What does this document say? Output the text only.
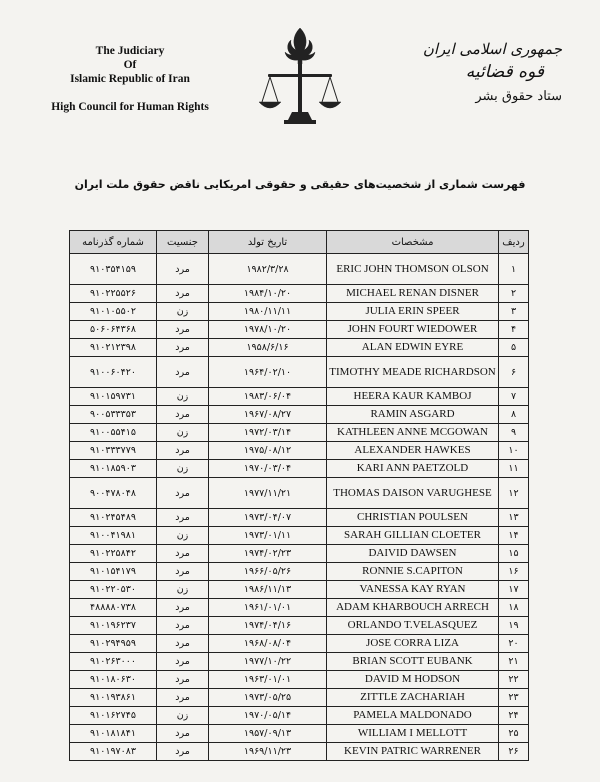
The Judiciary
Of
Islamic Republic of Iran
High Council for Human Rights
جمهوری اسلامی ایران
قوه قضائیه
ستاد حقوق بشر
فهرست شماری از شخصیت‌های حقیقی و حقوقی امریکایی ناقض حقوق ملت ایران
ردیف	مشخصات	تاریخ تولد	جنسیت	شماره گذرنامه
۱	ERIC JOHN THOMSON OLSON	۱۹۸۲/۳/۲۸	مرد	۹۱۰۳۵۴۱۵۹
۲	MICHAEL RENAN DISNER	۱۹۸۴/۱۰/۲۰	مرد	۹۱۰۲۲۵۵۲۶
۳	JULIA ERIN SPEER	۱۹۸۰/۱۱/۱۱	زن	۹۱۰۱۰۵۵۰۲
۴	JOHN FOURT WIEDOWER	۱۹۷۸/۱۰/۲۰	مرد	۵۰۶۰۶۴۳۶۸
۵	ALAN EDWIN EYRE	۱۹۵۸/۶/۱۶	مرد	۹۱۰۲۱۲۳۹۸
۶	TIMOTHY MEADE RICHARDSON	۱۹۶۴/۰۲/۱۰	مرد	۹۱۰۰۶۰۴۲۰
۷	HEERA KAUR KAMBOJ	۱۹۸۳/۰۶/۰۴	زن	۹۱۰۱۵۹۷۳۱
۸	RAMIN ASGARD	۱۹۶۷/۰۸/۲۷	مرد	۹۰۰۵۳۳۳۵۳
۹	KATHLEEN ANNE MCGOWAN	۱۹۷۲/۰۳/۱۴	زن	۹۱۰۰۵۵۴۱۵
۱۰	ALEXANDER HAWKES	۱۹۷۵/۰۸/۱۲	مرد	۹۱۰۳۳۳۷۷۹
۱۱	KARI ANN PAETZOLD	۱۹۷۰/۰۳/۰۴	زن	۹۱۰۱۸۵۹۰۳
۱۲	THOMAS DAISON VARUGHESE	۱۹۷۷/۱۱/۲۱	مرد	۹۰۰۴۷۸۰۴۸
۱۳	CHRISTIAN POULSEN	۱۹۷۳/۰۴/۰۷	مرد	۹۱۰۲۴۵۴۸۹
۱۴	SARAH GILLIAN CLOETER	۱۹۷۳/۰۱/۱۱	زن	۹۱۰۰۴۱۹۸۱
۱۵	DAIVID DAWSEN	۱۹۷۴/۰۲/۲۳	مرد	۹۱۰۲۲۵۸۴۲
۱۶	RONNIE S.CAPITON	۱۹۶۶/۰۵/۲۶	مرد	۹۱۰۱۵۴۱۷۹
۱۷	VANESSA KAY RYAN	۱۹۸۶/۱۱/۱۳	زن	۹۱۰۲۲۰۵۳۰
۱۸	ADAM KHARBOUCH ARRECH	۱۹۶۱/۰۱/۰۱	مرد	۴۸۸۸۸۰۷۳۸
۱۹	ORLANDO T.VELASQUEZ	۱۹۷۴/۰۴/۱۶	مرد	۹۱۰۱۹۶۲۳۷
۲۰	JOSE CORRA LIZA	۱۹۶۸/۰۸/۰۴	مرد	۹۱۰۲۹۴۹۵۹
۲۱	BRIAN SCOTT EUBANK	۱۹۷۷/۱۰/۲۲	مرد	۹۱۰۲۶۳۰۰۰
۲۲	DAVID M HODSON	۱۹۶۳/۰۱/۰۱	مرد	۹۱۰۱۸۰۶۳۰
۲۳	ZITTLE ZACHARIAH	۱۹۷۳/۰۵/۲۵	مرد	۹۱۰۱۹۳۸۶۱
۲۴	PAMELA MALDONADO	۱۹۷۰/۰۵/۱۴	زن	۹۱۰۱۶۲۷۴۵
۲۵	WILLIAM I MELLOTT	۱۹۵۷/۰۹/۱۳	مرد	۹۱۰۱۸۱۸۴۱
۲۶	KEVIN PATRIC WARRENER	۱۹۶۹/۱۱/۲۳	مرد	۹۱۰۱۹۷۰۸۳
